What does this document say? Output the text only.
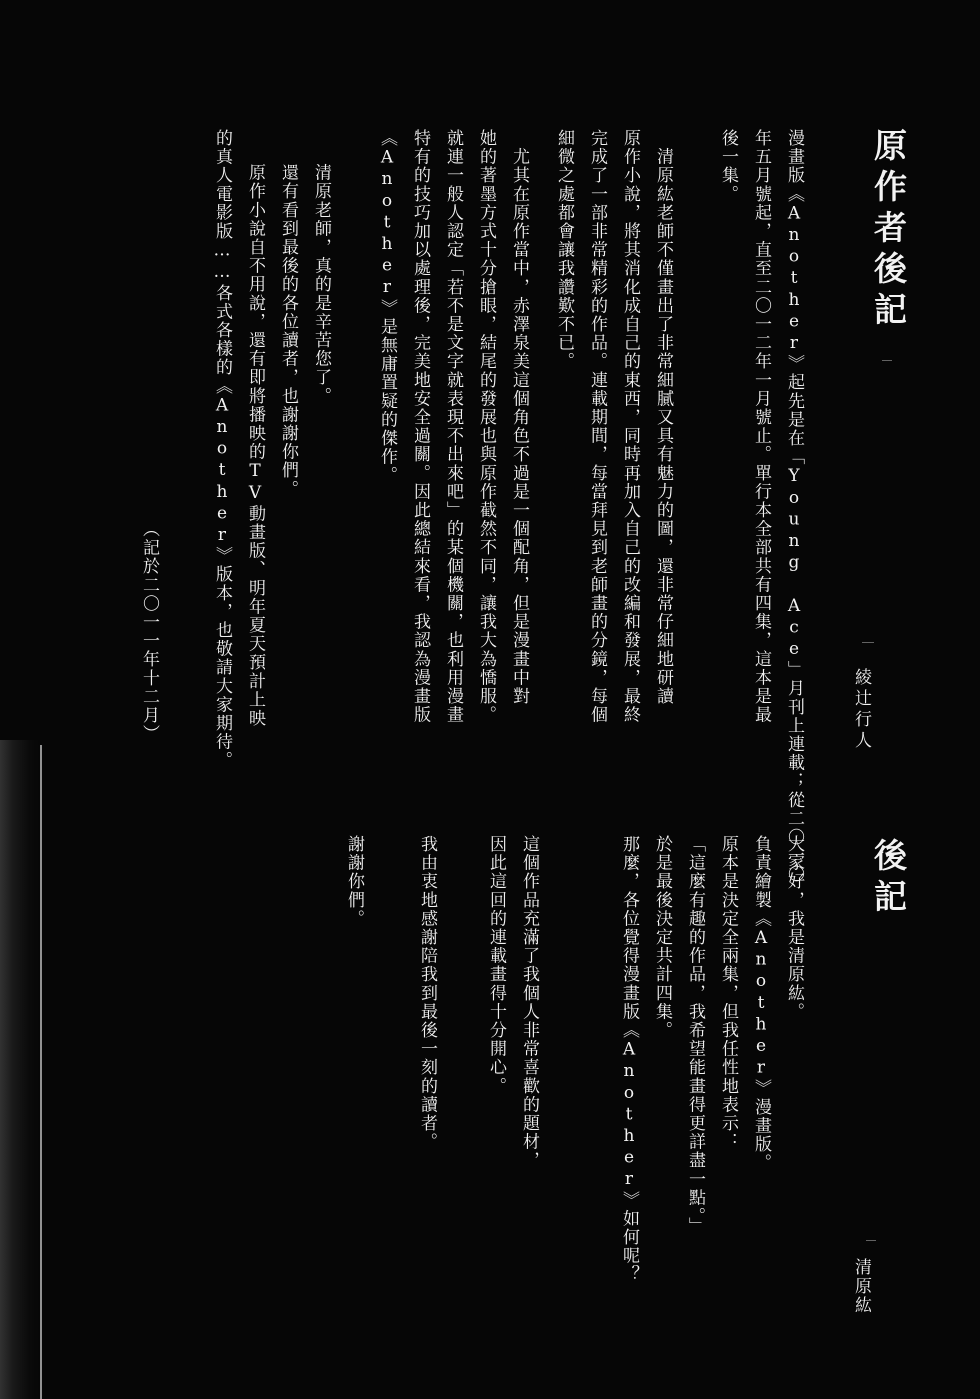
原作者後記
綾辻行人
漫畫版《Another》起先是在「Young Ace」月刊上連載；從二〇一〇
年五月號起，直至二〇一二年一月號止。單行本全部共有四集，這本是最
後一集。
　清原紘老師不僅畫出了非常細膩又具有魅力的圖，還非常仔細地研讀
原作小說，將其消化成自己的東西，同時再加入自己的改編和發展，最終
完成了一部非常精彩的作品。連載期間，每當拜見到老師畫的分鏡，每個
細微之處都會讓我讚歎不已。
　尤其在原作當中，赤澤泉美這個角色不過是一個配角，但是漫畫中對
她的著墨方式十分搶眼，結尾的發展也與原作截然不同，讓我大為憍服。
就連一般人認定「若不是文字就表現不出來吧」的某個機關，也利用漫畫
特有的技巧加以處理後，完美地安全過關。因此總結來看，我認為漫畫版
《Another》是無庸置疑的傑作。
　清原老師，真的是辛苦您了。
　還有看到最後的各位讀者，也謝謝你們。
　原作小說自不用說，還有即將播映的TV動畫版、明年夏天預計上映
的真人電影版……各式各樣的《Another》版本，也敬請大家期待。
（記於二〇一一年十二月）
後記
清原紘
大家好，我是清原紘。
負責繪製《Another》漫畫版。
原本是決定全兩集，但我任性地表示：
「這麼有趣的作品，我希望能畫得更詳盡一點。」
於是最後決定共計四集。
那麼，各位覺得漫畫版《Another》如何呢？
這個作品充滿了我個人非常喜歡的題材，
因此這回的連載畫得十分開心。
我由衷地感謝陪我到最後一刻的讀者。
謝謝你們。
